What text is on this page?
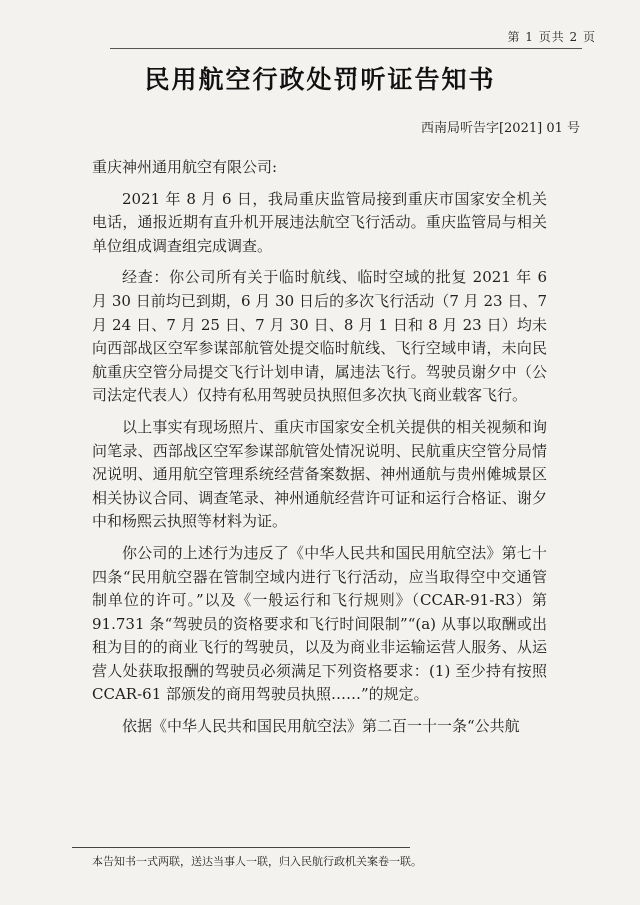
第 1 页共 2 页
民用航空行政处罚听证告知书
西南局听告字[2021] 01 号

重庆神州通用航空有限公司:

2021 年 8 月 6 日，我局重庆监管局接到重庆市国家安全机关电话，通报近期有直升机开展违法航空飞行活动。重庆监管局与相关单位组成调查组完成调查。

经查：你公司所有关于临时航线、临时空域的批复 2021 年 6 月 30 日前均已到期，6 月 30 日后的多次飞行活动（7 月 23 日、7 月 24 日、7 月 25 日、7 月 30 日、8 月 1 日和 8 月 23 日）均未向西部战区空军参谋部航管处提交临时航线、飞行空域申请，未向民航重庆空管分局提交飞行计划申请，属违法飞行。驾驶员谢夕中（公司法定代表人）仅持有私用驾驶员执照但多次执飞商业载客飞行。

以上事实有现场照片、重庆市国家安全机关提供的相关视频和询问笔录、西部战区空军参谋部航管处情况说明、民航重庆空管分局情况说明、通用航空管理系统经营备案数据、神州通航与贵州傩城景区相关协议合同、调查笔录、神州通航经营许可证和运行合格证、谢夕中和杨熙云执照等材料为证。

你公司的上述行为违反了《中华人民共和国民用航空法》第七十四条“民用航空器在管制空域内进行飞行活动，应当取得空中交通管制单位的许可。”以及《一般运行和飞行规则》（CCAR-91-R3）第 91.731 条“驾驶员的资格要求和飞行时间限制”“(a) 从事以取酬或出租为目的的商业飞行的驾驶员，以及为商业非运输运营人服务、从运营人处获取报酬的驾驶员必须满足下列资格要求：(1) 至少持有按照 CCAR-61 部颁发的商用驾驶员执照……”的规定。

依据《中华人民共和国民用航空法》第二百一十一条“公共航

本告知书一式两联，送达当事人一联，归入民航行政机关案卷一联。
